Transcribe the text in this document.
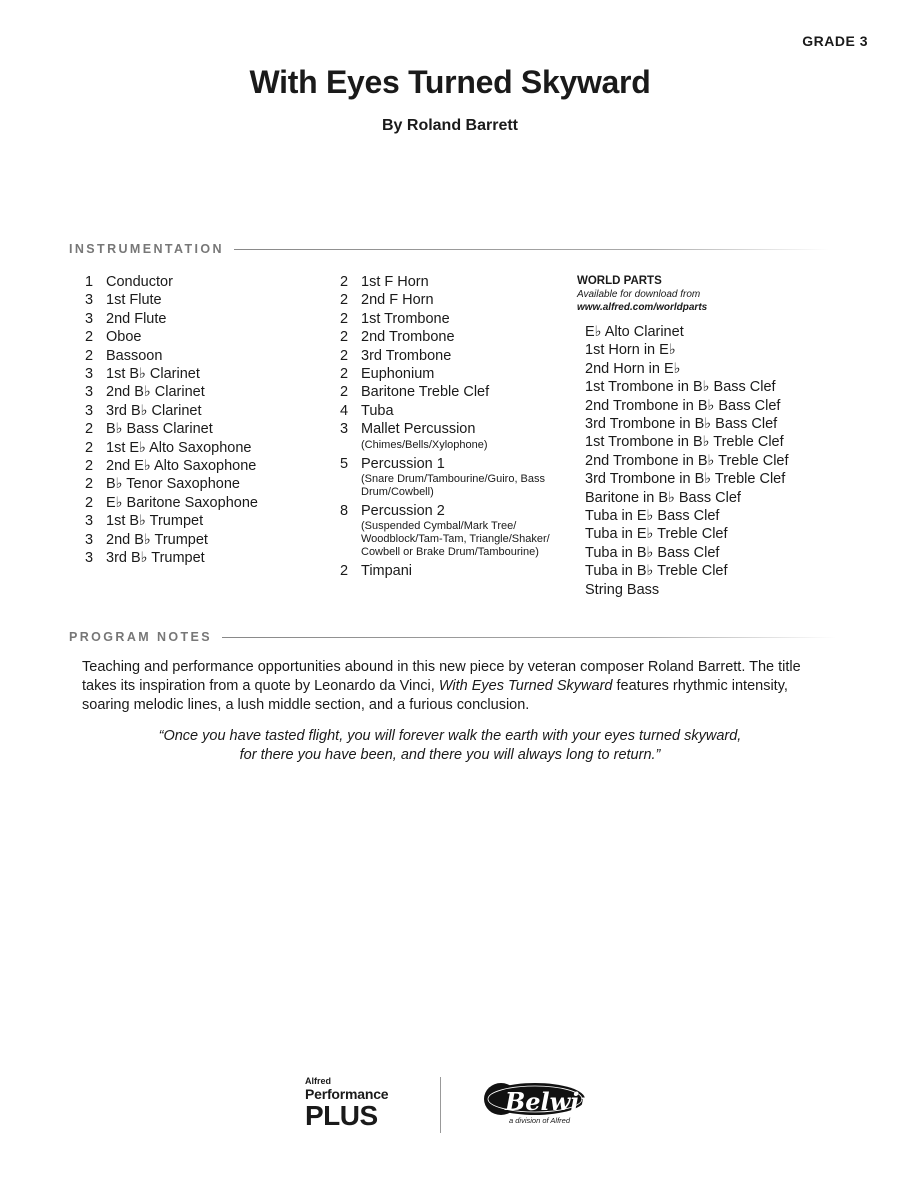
GRADE 3
With Eyes Turned Skyward
By Roland Barrett
INSTRUMENTATION
1 Conductor
3 1st Flute
3 2nd Flute
2 Oboe
2 Bassoon
3 1st B♭ Clarinet
3 2nd B♭ Clarinet
3 3rd B♭ Clarinet
2 B♭ Bass Clarinet
2 1st E♭ Alto Saxophone
2 2nd E♭ Alto Saxophone
2 B♭ Tenor Saxophone
2 E♭ Baritone Saxophone
3 1st B♭ Trumpet
3 2nd B♭ Trumpet
3 3rd B♭ Trumpet
2 1st F Horn
2 2nd F Horn
2 1st Trombone
2 2nd Trombone
2 3rd Trombone
2 Euphonium
2 Baritone Treble Clef
4 Tuba
3 Mallet Percussion
(Chimes/Bells/Xylophone)
5 Percussion 1
(Snare Drum/Tambourine/Guiro, Bass Drum/Cowbell)
8 Percussion 2
(Suspended Cymbal/Mark Tree/ Woodblock/Tam-Tam, Triangle/Shaker/ Cowbell or Brake Drum/Tambourine)
2 Timpani
WORLD PARTS
Available for download from
www.alfred.com/worldparts
E♭ Alto Clarinet
1st Horn in E♭
2nd Horn in E♭
1st Trombone in B♭ Bass Clef
2nd Trombone in B♭ Bass Clef
3rd Trombone in B♭ Bass Clef
1st Trombone in B♭ Treble Clef
2nd Trombone in B♭ Treble Clef
3rd Trombone in B♭ Treble Clef
Baritone in B♭ Bass Clef
Tuba in E♭ Bass Clef
Tuba in E♭ Treble Clef
Tuba in B♭ Bass Clef
Tuba in B♭ Treble Clef
String Bass
PROGRAM NOTES

Teaching and performance opportunities abound in this new piece by veteran composer Roland Barrett. The title takes its inspiration from a quote by Leonardo da Vinci, With Eyes Turned Skyward features rhythmic intensity, soaring melodic lines, a lush middle section, and a furious conclusion.

“Once you have tasted flight, you will forever walk the earth with your eyes turned skyward,
for there you have been, and there you will always long to return.”
Alfred
Performance
PLUS	Belwin
a division of Alfred
